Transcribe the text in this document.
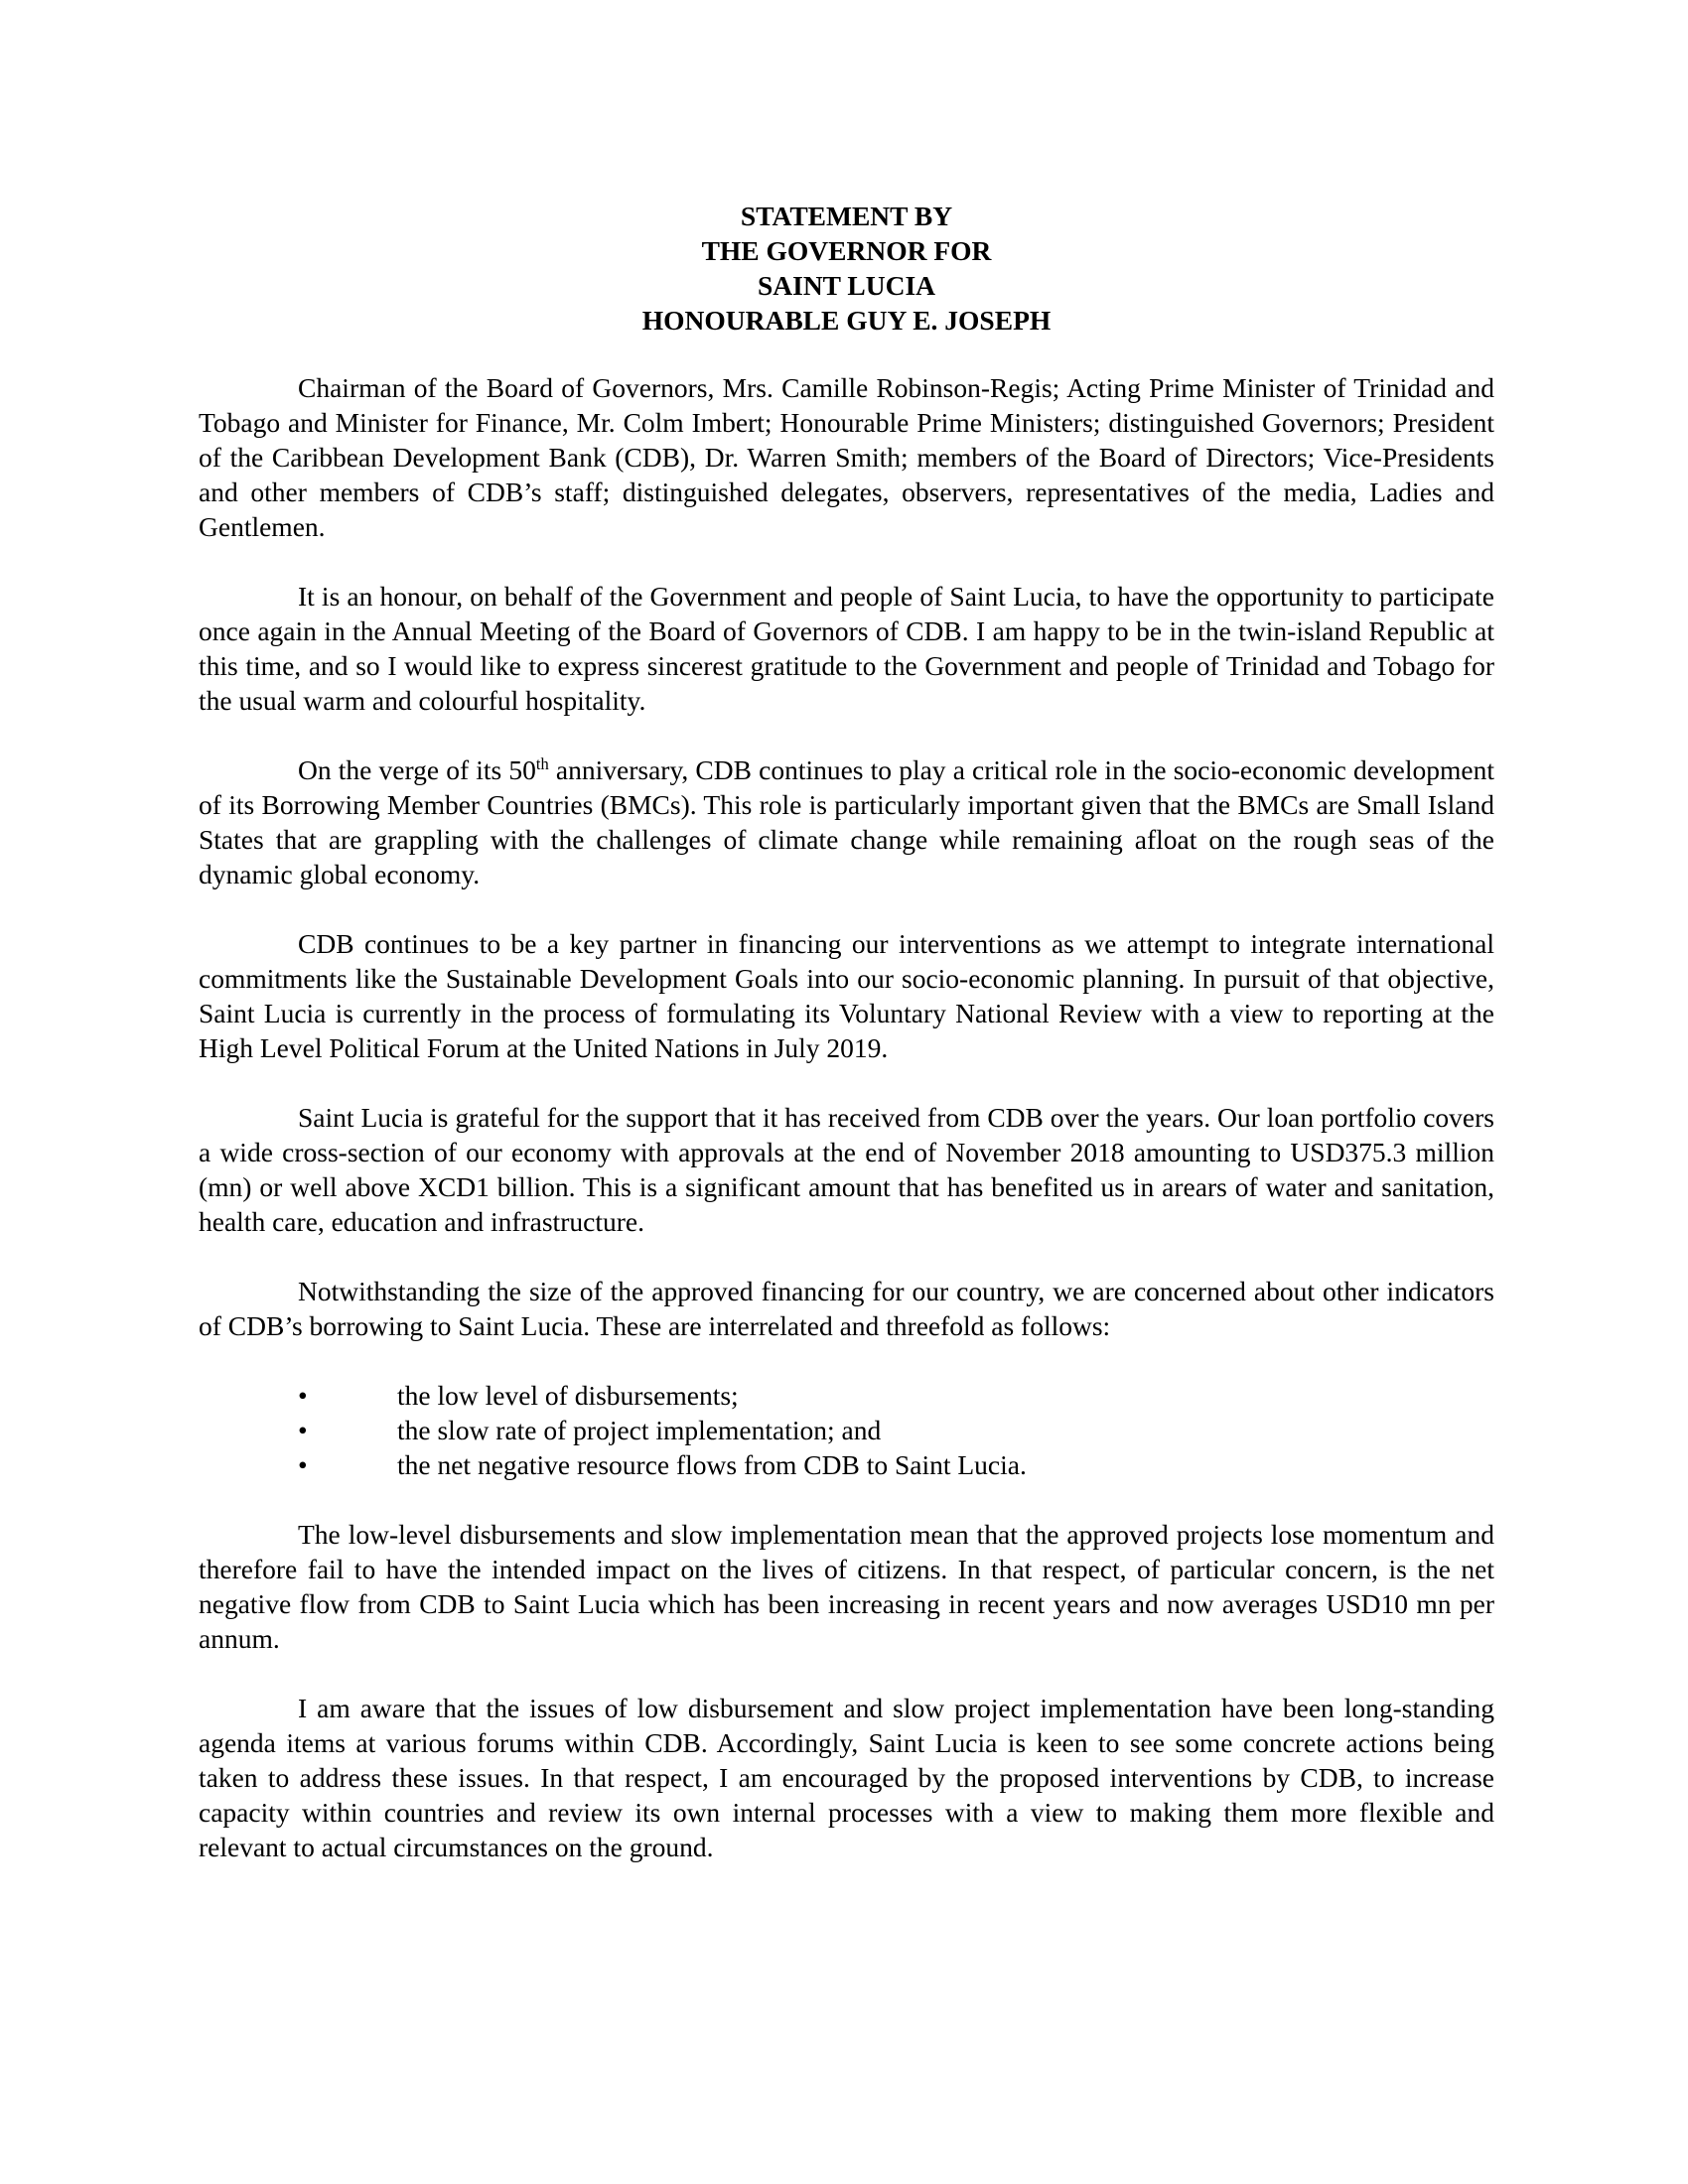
STATEMENT BY
THE GOVERNOR FOR
SAINT LUCIA
HONOURABLE GUY E. JOSEPH

Chairman of the Board of Governors, Mrs. Camille Robinson-Regis; Acting Prime Minister of Trinidad and Tobago and Minister for Finance, Mr. Colm Imbert; Honourable Prime Ministers; distinguished Governors; President of the Caribbean Development Bank (CDB), Dr. Warren Smith; members of the Board of Directors; Vice-Presidents and other members of CDB’s staff; distinguished delegates, observers, representatives of the media, Ladies and Gentlemen.

It is an honour, on behalf of the Government and people of Saint Lucia, to have the opportunity to participate once again in the Annual Meeting of the Board of Governors of CDB. I am happy to be in the twin-island Republic at this time, and so I would like to express sincerest gratitude to the Government and people of Trinidad and Tobago for the usual warm and colourful hospitality.

On the verge of its 50th anniversary, CDB continues to play a critical role in the socio-economic development of its Borrowing Member Countries (BMCs). This role is particularly important given that the BMCs are Small Island States that are grappling with the challenges of climate change while remaining afloat on the rough seas of the dynamic global economy.

CDB continues to be a key partner in financing our interventions as we attempt to integrate international commitments like the Sustainable Development Goals into our socio-economic planning. In pursuit of that objective, Saint Lucia is currently in the process of formulating its Voluntary National Review with a view to reporting at the High Level Political Forum at the United Nations in July 2019.

Saint Lucia is grateful for the support that it has received from CDB over the years. Our loan portfolio covers a wide cross-section of our economy with approvals at the end of November 2018 amounting to USD375.3 million (mn) or well above XCD1 billion. This is a significant amount that has benefited us in arears of water and sanitation, health care, education and infrastructure.

Notwithstanding the size of the approved financing for our country, we are concerned about other indicators of CDB’s borrowing to Saint Lucia. These are interrelated and threefold as follows:

•	the low level of disbursements;
•	the slow rate of project implementation; and
•	the net negative resource flows from CDB to Saint Lucia.

The low-level disbursements and slow implementation mean that the approved projects lose momentum and therefore fail to have the intended impact on the lives of citizens. In that respect, of particular concern, is the net negative flow from CDB to Saint Lucia which has been increasing in recent years and now averages USD10 mn per annum.

I am aware that the issues of low disbursement and slow project implementation have been long-standing agenda items at various forums within CDB. Accordingly, Saint Lucia is keen to see some concrete actions being taken to address these issues. In that respect, I am encouraged by the proposed interventions by CDB, to increase capacity within countries and review its own internal processes with a view to making them more flexible and relevant to actual circumstances on the ground.
